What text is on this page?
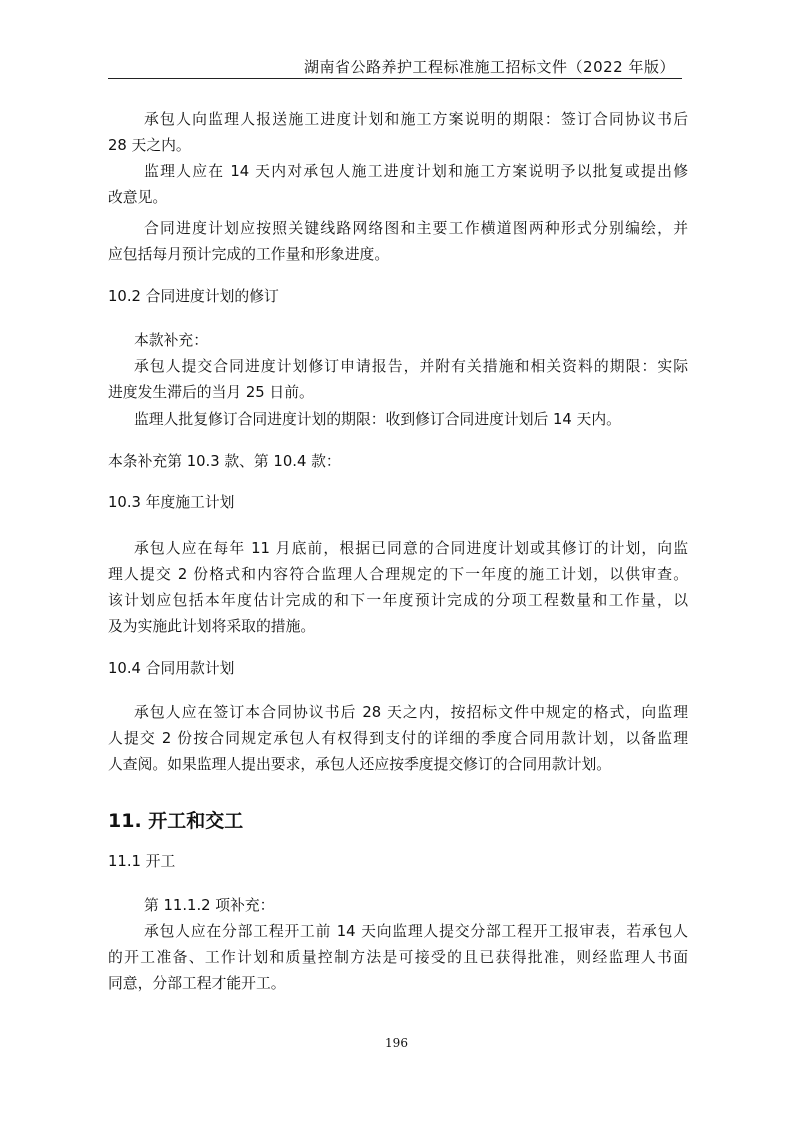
湖南省公路养护工程标准施工招标文件（2022 年版）

承包人向监理人报送施工进度计划和施工方案说明的期限：签订合同协议书后
28 天之内。

监理人应在 14 天内对承包人施工进度计划和施工方案说明予以批复或提出修
改意见。

合同进度计划应按照关键线路网络图和主要工作横道图两种形式分别编绘，并
应包括每月预计完成的工作量和形象进度。

10.2 合同进度计划的修订

本款补充：

承包人提交合同进度计划修订申请报告，并附有关措施和相关资料的期限：实际
进度发生滞后的当月 25 日前。

监理人批复修订合同进度计划的期限：收到修订合同进度计划后 14 天内。

本条补充第 10.3 款、第 10.4 款：

10.3 年度施工计划

承包人应在每年 11 月底前，根据已同意的合同进度计划或其修订的计划，向监
理人提交 2 份格式和内容符合监理人合理规定的下一年度的施工计划，以供审查。
该计划应包括本年度估计完成的和下一年度预计完成的分项工程数量和工作量，以
及为实施此计划将采取的措施。

10.4 合同用款计划

承包人应在签订本合同协议书后 28 天之内，按招标文件中规定的格式，向监理
人提交 2 份按合同规定承包人有权得到支付的详细的季度合同用款计划，以备监理
人查阅。如果监理人提出要求，承包人还应按季度提交修订的合同用款计划。

11. 开工和交工

11.1 开工

第 11.1.2 项补充：

承包人应在分部工程开工前 14 天向监理人提交分部工程开工报审表，若承包人
的开工准备、工作计划和质量控制方法是可接受的且已获得批准，则经监理人书面
同意，分部工程才能开工。

196
